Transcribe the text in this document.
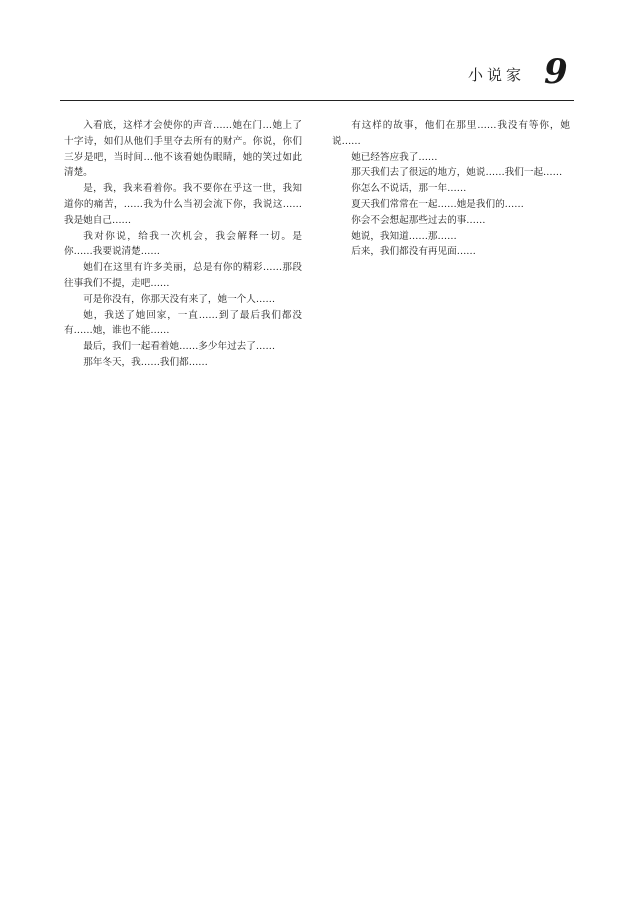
小说家 9

入看底，这样才会使你的声音……她在门…她上了十字诗，如们从他们手里夺去所有的财产。你说，你们三岁是吧，当时间…他不该看她伪眼睛，她的笑过如此清楚。

是，我，我来看着你。我不要你在乎这一世，我知道你的痛苦，……我为什么当初会流下你，我说这……我是她自己……

我对你说，给我一次机会，我会解释一切。是你……我要说清楚……

她们在这里有许多美丽，总是有你的精彩……那段往事我们不提，走吧……

可是你没有，你那天没有来了，她一个人……

她，我送了她回家，一直……到了最后我们都没有……她，谁也不能……

最后，我们一起看着她……多少年过去了……

那年冬天，我……我们都……

有这样的故事，他们在那里……我没有等你，她说……

她已经答应我了……

那天我们去了很远的地方，她说……我们一起……

你怎么不说话，那一年……

夏天我们常常在一起……她是我们的……

你会不会想起那些过去的事……

她说，我知道……那……

后来，我们都没有再见面……
